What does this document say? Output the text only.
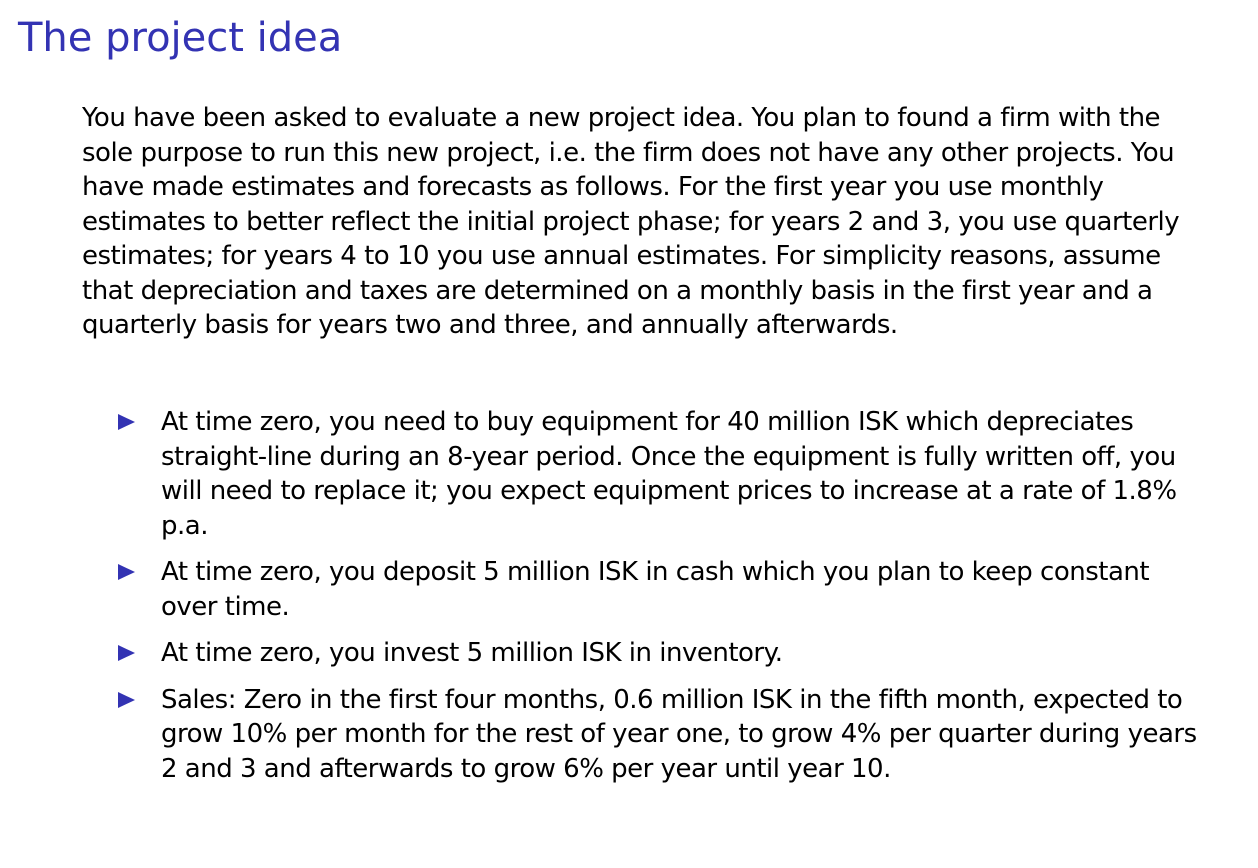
The project idea

You have been asked to evaluate a new project idea. You plan to found a firm with the sole purpose to run this new project, i.e. the firm does not have any other projects. You have made estimates and forecasts as follows. For the first year you use monthly estimates to better reflect the initial project phase; for years 2 and 3, you use quarterly estimates; for years 4 to 10 you use annual estimates. For simplicity reasons, assume that depreciation and taxes are determined on a monthly basis in the first year and a quarterly basis for years two and three, and annually afterwards.

At time zero, you need to buy equipment for 40 million ISK which depreciates straight-line during an 8-year period. Once the equipment is fully written off, you will need to replace it; you expect equipment prices to increase at a rate of 1.8% p.a.
At time zero, you deposit 5 million ISK in cash which you plan to keep constant over time.
At time zero, you invest 5 million ISK in inventory.
Sales: Zero in the first four months, 0.6 million ISK in the fifth month, expected to grow 10% per month for the rest of year one, to grow 4% per quarter during years 2 and 3 and afterwards to grow 6% per year until year 10.
